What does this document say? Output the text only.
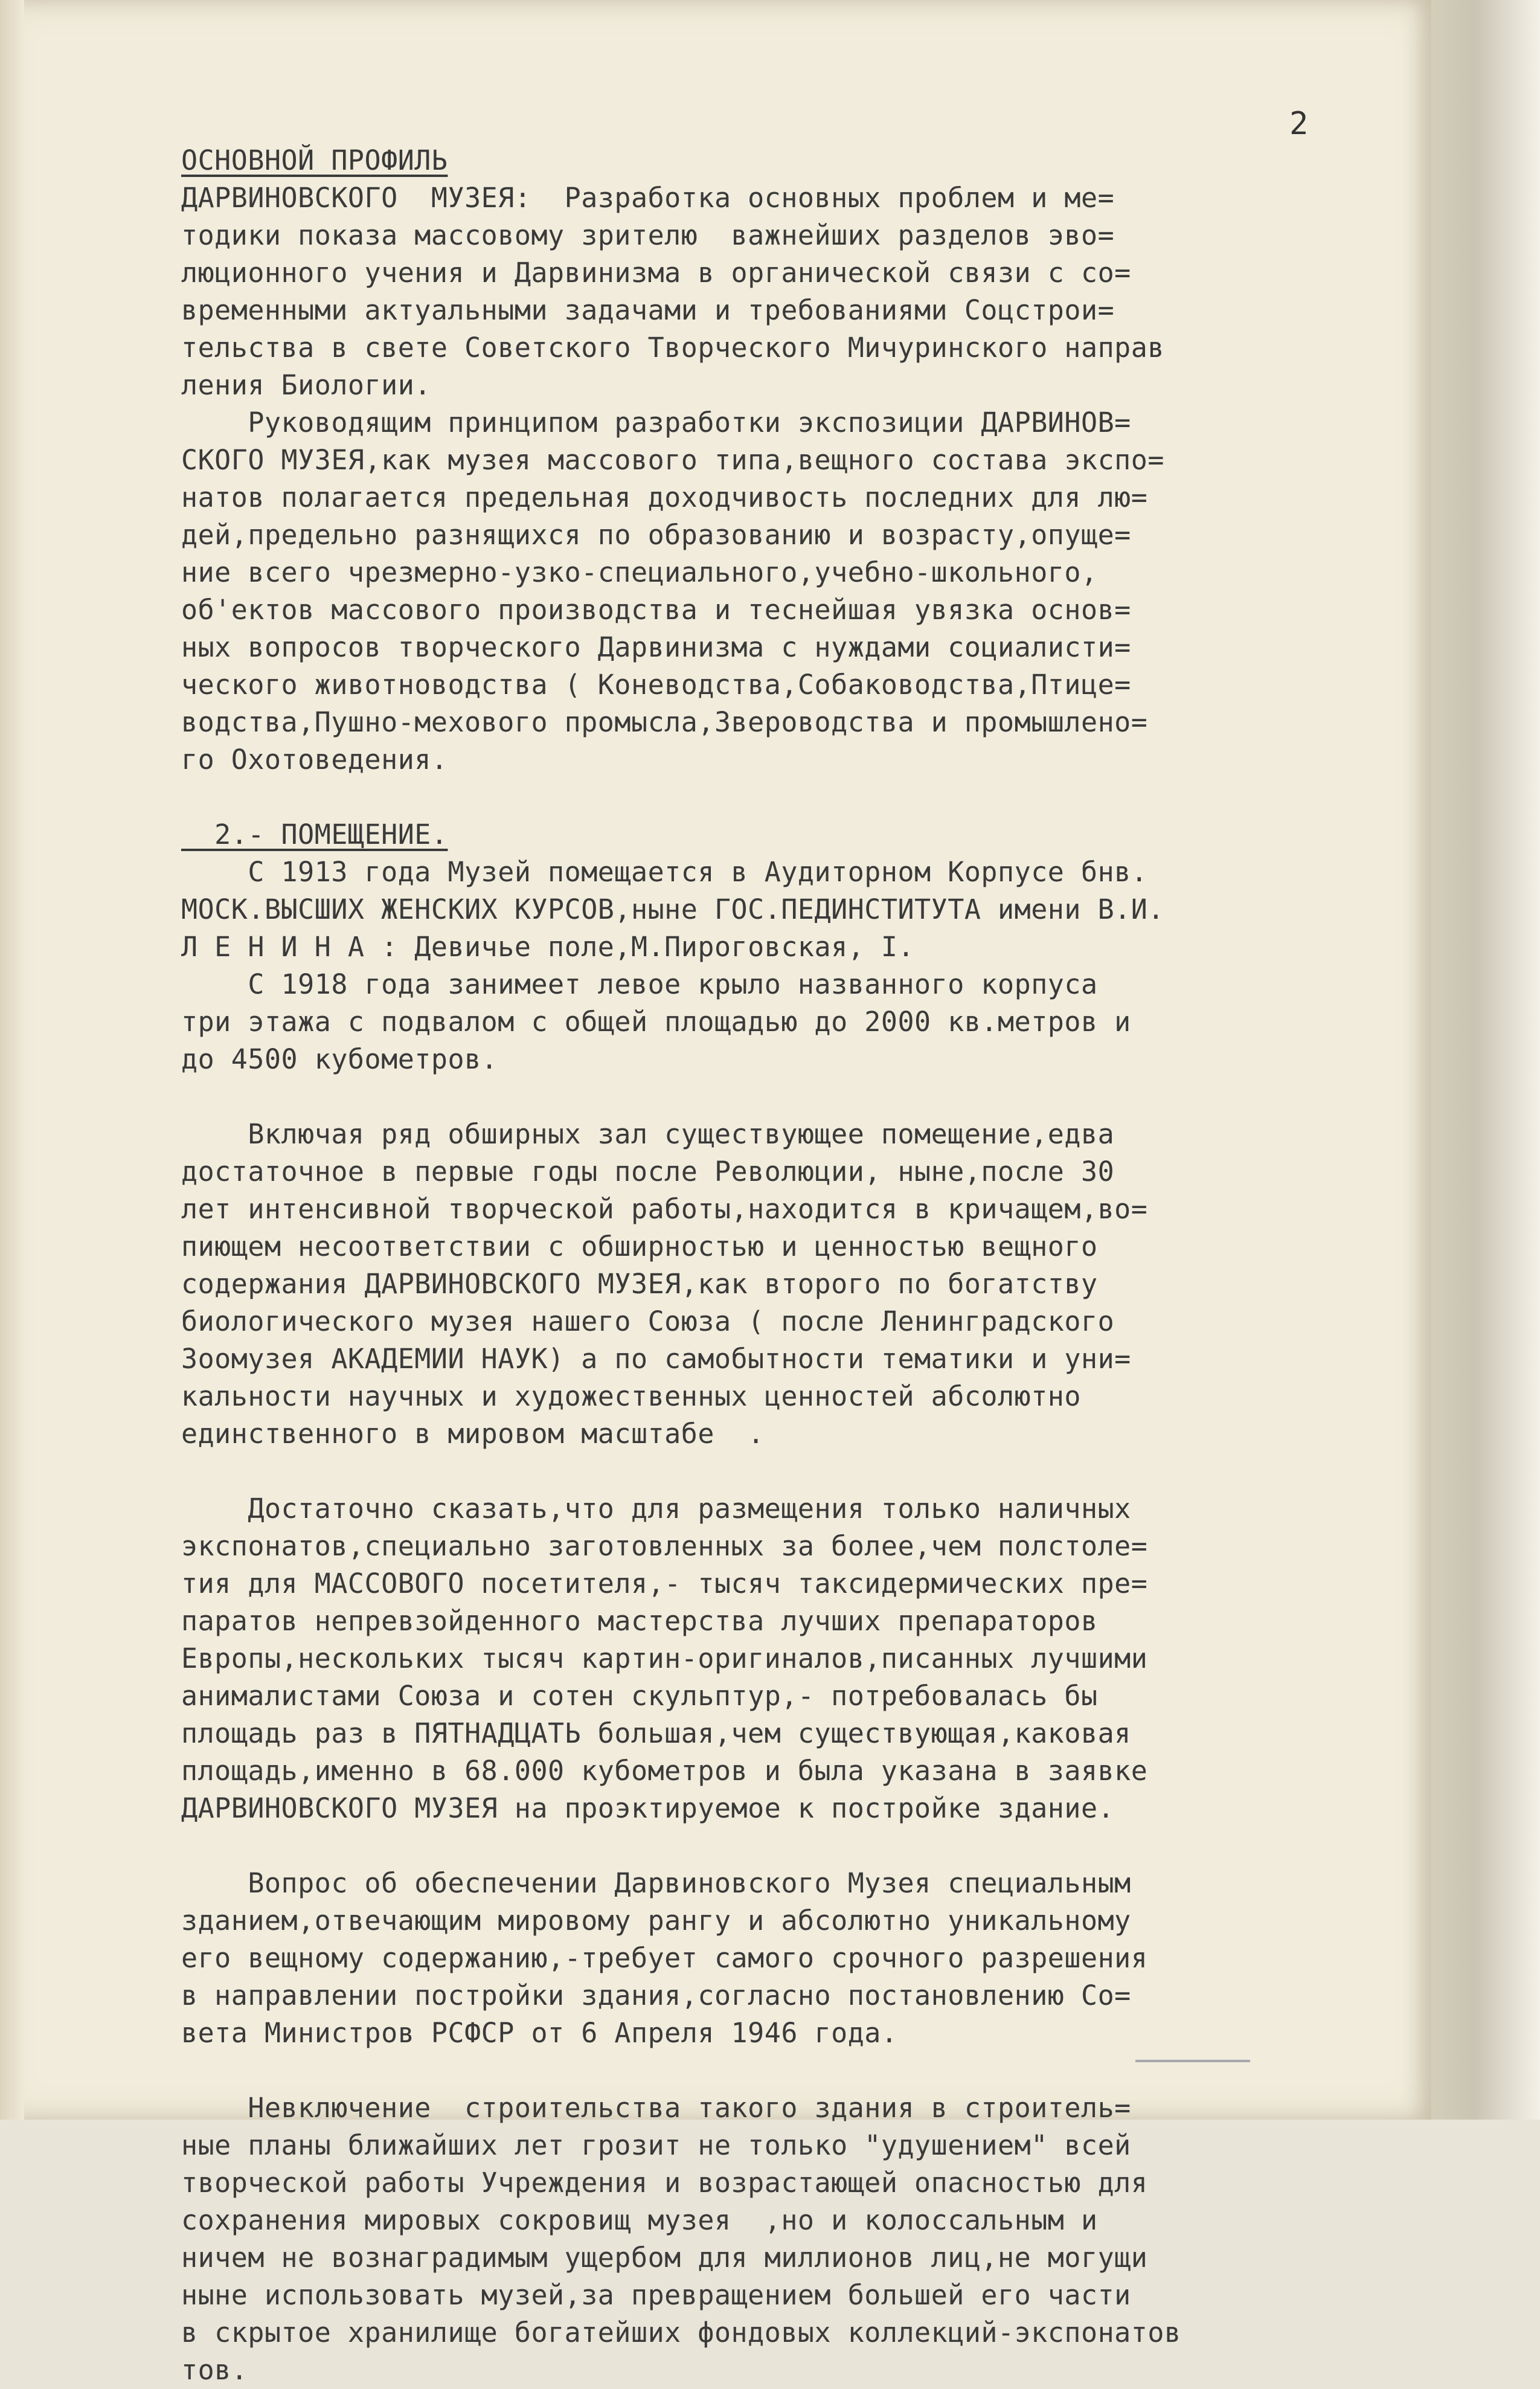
2
ОСНОВНОЙ ПРОФИЛЬ
ДАРВИНОВСКОГО  МУЗЕЯ:  Разработка основных проблем и ме=
тодики показа массовому зрителю  важнейших разделов эво=
люционного учения и Дарвинизма в органической связи с со=
временными актуальными задачами и требованиями Соцстрои=
тельства в свете Советского Творческого Мичуринского направ
ления Биологии.
Руководящим принципом разработки экспозиции ДАРВИНОВ=
СКОГО МУЗЕЯ,как музея массового типа,вещного состава экспо=
натов полагается предельная доходчивость последних для лю=
дей,предельно разнящихся по образованию и возрасту,опуще=
ние всего чрезмерно-узко-специального,учебно-школьного,
об'ектов массового производства и теснейшая увязка основ=
ных вопросов творческого Дарвинизма с нуждами социалисти=
ческого животноводства ( Коневодства,Собаководства,Птице=
водства,Пушно-мехового промысла,Звероводства и промышлено=
го Охотоведения.
2.- ПОМЕЩЕНИЕ.
С 1913 года Музей помещается в Аудиторном Корпусе бнв.
МОСК.ВЫСШИХ ЖЕНСКИХ КУРСОВ,ныне ГОС.ПЕДИНСТИТУТА имени В.И.
Л Е Н И Н А : Девичье поле,М.Пироговская, I.
С 1918 года занимеет левое крыло названного корпуса
три этажа с подвалом с общей площадью до 2000 кв.метров и
до 4500 кубометров.
Включая ряд обширных зал существующее помещение,едва
достаточное в первые годы после Революции, ныне,после 30
лет интенсивной творческой работы,находится в кричащем,во=
пиющем несоответствии с обширностью и ценностью вещного
содержания ДАРВИНОВСКОГО МУЗЕЯ,как второго по богатству
биологического музея нашего Союза ( после Ленинградского
Зоомузея АКАДЕМИИ НАУК) а по самобытности тематики и уни=
кальности научных и художественных ценностей абсолютно
единственного в мировом масштабе  .
Достаточно сказать,что для размещения только наличных
экспонатов,специально заготовленных за более,чем полстоле=
тия для МАССОВОГО посетителя,- тысяч таксидермических пре=
паратов непревзойденного мастерства лучших препараторов
Европы,нескольких тысяч картин-оригиналов,писанных лучшими
анималистами Союза и сотен скульптур,- потребовалась бы
площадь раз в ПЯТНАДЦАТЬ большая,чем существующая,каковая
площадь,именно в 68.000 кубометров и была указана в заявке
ДАРВИНОВСКОГО МУЗЕЯ на проэктируемое к постройке здание.
Вопрос об обеспечении Дарвиновского Музея специальным
зданием,отвечающим мировому рангу и абсолютно уникальному
его вещному содержанию,-требует самого срочного разрешения
в направлении постройки здания,согласно постановлению Со=
вета Министров РСФСР от 6 Апреля 1946 года.
Невключение  строительства такого здания в строитель=
ные планы ближайших лет грозит не только "удушением" всей
творческой работы Учреждения и возрастающей опасностью для
сохранения мировых сокровищ музея  ,но и колоссальным и
ничем не вознаградимым ущербом для миллионов лиц,не могущи
ныне использовать музей,за превращением большей его части
в скрытое хранилище богатейших фондовых коллекций-экспонатов
тов.
